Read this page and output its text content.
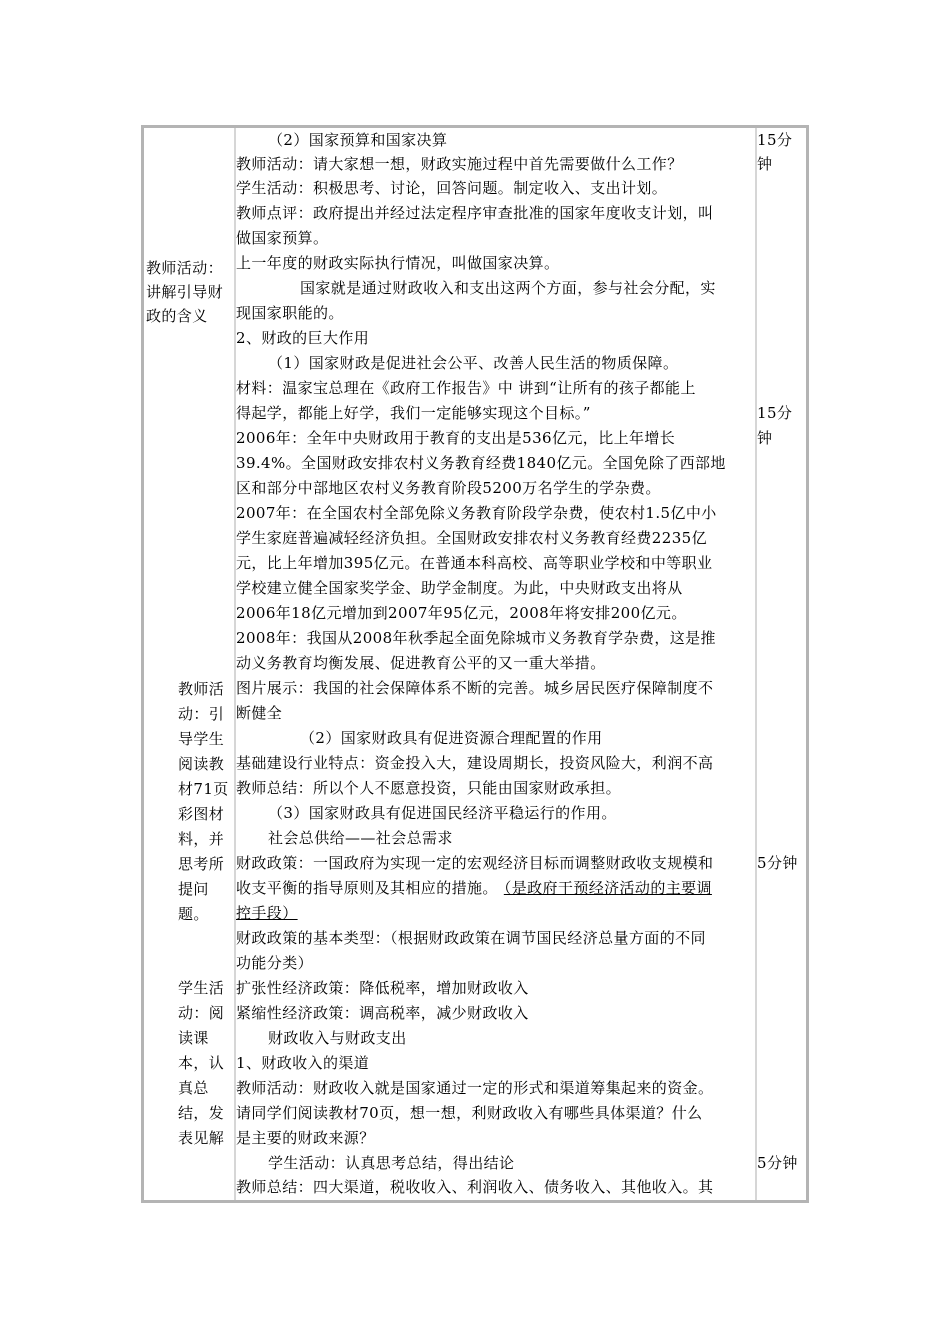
教师活动：
讲解引导财
政的含义
教师活
动：引
导学生
阅读教
材71页
彩图材
料，并
思考所
提问
题。
学生活
动：阅
读课
本，认
真总
结，发
表见解
（2）国家预算和国家决算
教师活动：请大家想一想，财政实施过程中首先需要做什么工作？
学生活动：积极思考、讨论，回答问题。制定收入、支出计划。
教师点评：政府提出并经过法定程序审查批准的国家年度收支计划，叫
做国家预算。
上一年度的财政实际执行情况，叫做国家决算。
国家就是通过财政收入和支出这两个方面，参与社会分配，实
现国家职能的。
2、财政的巨大作用
（1）国家财政是促进社会公平、改善人民生活的物质保障。
材料：温家宝总理在《政府工作报告》中 讲到“让所有的孩子都能上
得起学，都能上好学，我们一定能够实现这个目标。”
2006年：全年中央财政用于教育的支出是536亿元，比上年增长
39.4%。全国财政安排农村义务教育经费1840亿元。全国免除了西部地
区和部分中部地区农村义务教育阶段5200万名学生的学杂费。
2007年：在全国农村全部免除义务教育阶段学杂费，使农村1.5亿中小
学生家庭普遍减轻经济负担。全国财政安排农村义务教育经费2235亿
元，比上年增加395亿元。在普通本科高校、高等职业学校和中等职业
学校建立健全国家奖学金、助学金制度。为此，中央财政支出将从
2006年18亿元增加到2007年95亿元，2008年将安排200亿元。
2008年：我国从2008年秋季起全面免除城市义务教育学杂费，这是推
动义务教育均衡发展、促进教育公平的又一重大举措。
图片展示：我国的社会保障体系不断的完善。城乡居民医疗保障制度不
断健全
（2）国家财政具有促进资源合理配置的作用
基础建设行业特点：资金投入大，建设周期长，投资风险大，利润不高
教师总结：所以个人不愿意投资，只能由国家财政承担。
（3）国家财政具有促进国民经济平稳运行的作用。
社会总供给——社会总需求
财政政策：一国政府为实现一定的宏观经济目标而调整财政收支规模和
收支平衡的指导原则及其相应的措施。 （是政府干预经济活动的主要调
控手段）
财政政策的基本类型：（根据财政政策在调节国民经济总量方面的不同
功能分类）
扩张性经济政策：降低税率，增加财政收入
紧缩性经济政策：调高税率，减少财政收入
财政收入与财政支出
1、财政收入的渠道
教师活动：财政收入就是国家通过一定的形式和渠道筹集起来的资金。
请同学们阅读教材70页，想一想，利财政收入有哪些具体渠道？什么
是主要的财政来源？
学生活动：认真思考总结，得出结论
教师总结：四大渠道，税收收入、利润收入、债务收入、其他收入。其
15分
钟
15分
钟
5分钟
5分钟
